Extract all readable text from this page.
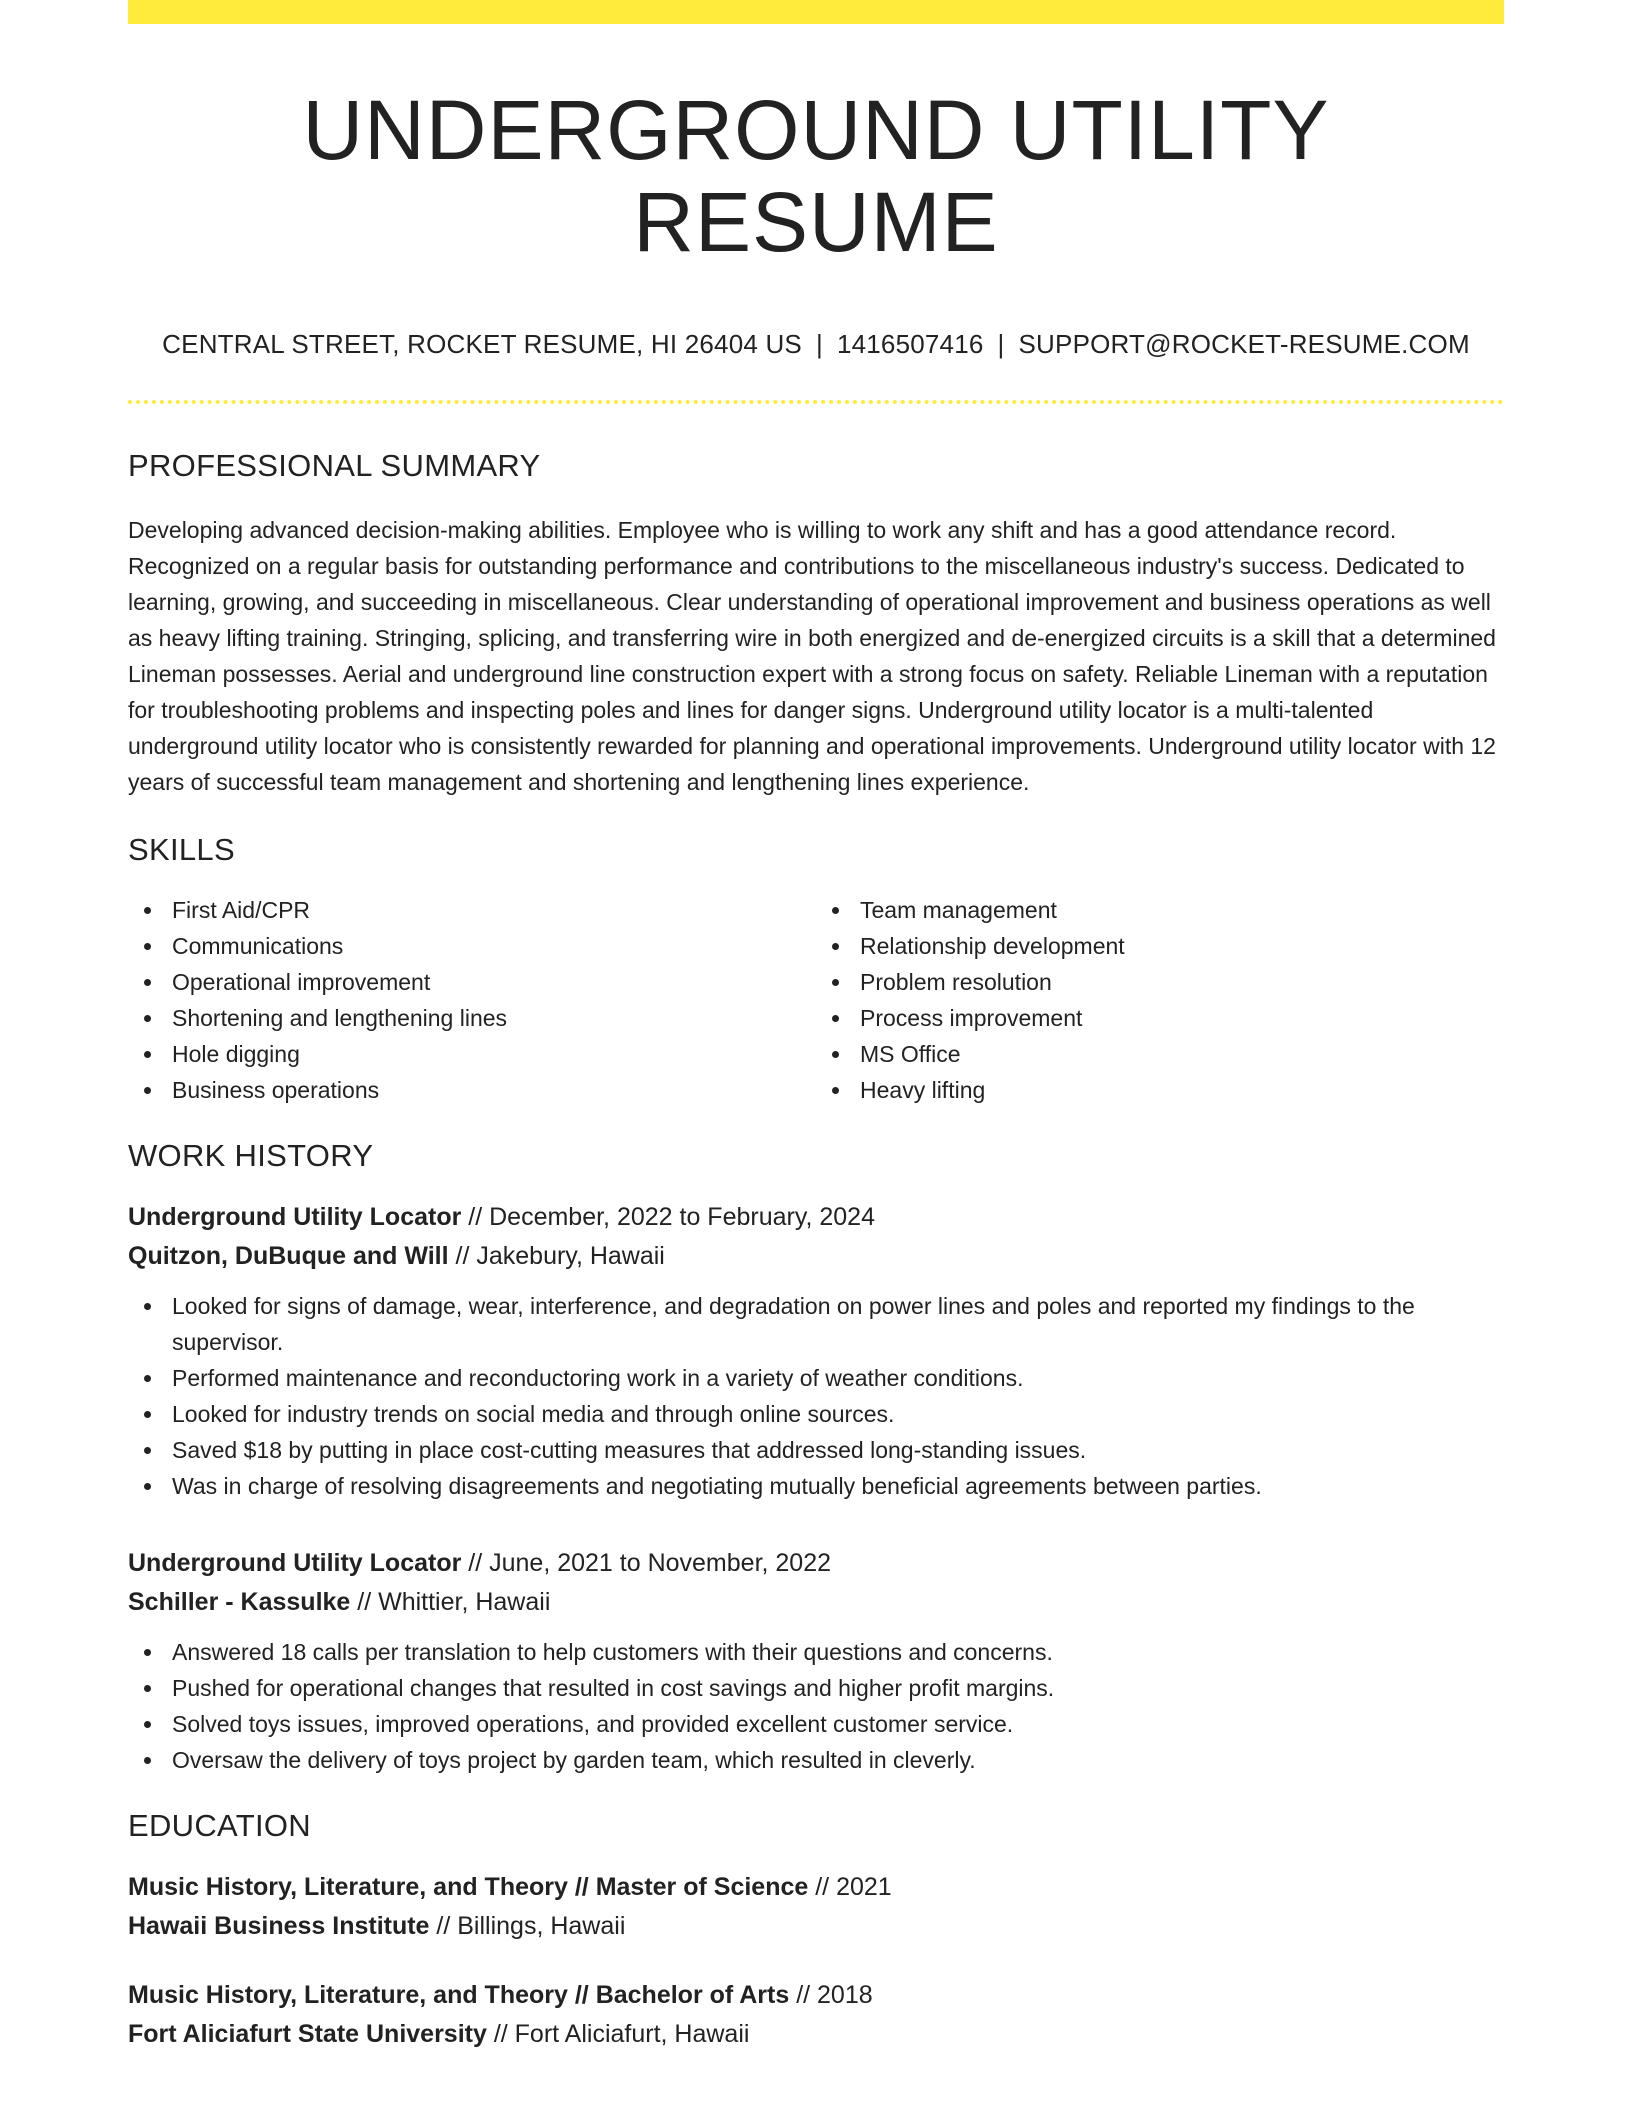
UNDERGROUND UTILITY RESUME
CENTRAL STREET, ROCKET RESUME, HI 26404 US | 1416507416 | SUPPORT@ROCKET-RESUME.COM
PROFESSIONAL SUMMARY

Developing advanced decision-making abilities. Employee who is willing to work any shift and has a good attendance record. Recognized on a regular basis for outstanding performance and contributions to the miscellaneous industry's success. Dedicated to learning, growing, and succeeding in miscellaneous. Clear understanding of operational improvement and business operations as well as heavy lifting training. Stringing, splicing, and transferring wire in both energized and de-energized circuits is a skill that a determined Lineman possesses. Aerial and underground line construction expert with a strong focus on safety. Reliable Lineman with a reputation for troubleshooting problems and inspecting poles and lines for danger signs. Underground utility locator is a multi-talented underground utility locator who is consistently rewarded for planning and operational improvements. Underground utility locator with 12 years of successful team management and shortening and lengthening lines experience.

SKILLS
First Aid/CPR
Communications
Operational improvement
Shortening and lengthening lines
Hole digging
Business operations
Team management
Relationship development
Problem resolution
Process improvement
MS Office
Heavy lifting
WORK HISTORY
Underground Utility Locator // December, 2022 to February, 2024
Quitzon, DuBuque and Will // Jakebury, Hawaii
Looked for signs of damage, wear, interference, and degradation on power lines and poles and reported my findings to the supervisor.
Performed maintenance and reconductoring work in a variety of weather conditions.
Looked for industry trends on social media and through online sources.
Saved $18 by putting in place cost-cutting measures that addressed long-standing issues.
Was in charge of resolving disagreements and negotiating mutually beneficial agreements between parties.
Underground Utility Locator // June, 2021 to November, 2022
Schiller - Kassulke // Whittier, Hawaii
Answered 18 calls per translation to help customers with their questions and concerns.
Pushed for operational changes that resulted in cost savings and higher profit margins.
Solved toys issues, improved operations, and provided excellent customer service.
Oversaw the delivery of toys project by garden team, which resulted in cleverly.
EDUCATION
Music History, Literature, and Theory // Master of Science // 2021
Hawaii Business Institute // Billings, Hawaii
Music History, Literature, and Theory // Bachelor of Arts // 2018
Fort Aliciafurt State University // Fort Aliciafurt, Hawaii
